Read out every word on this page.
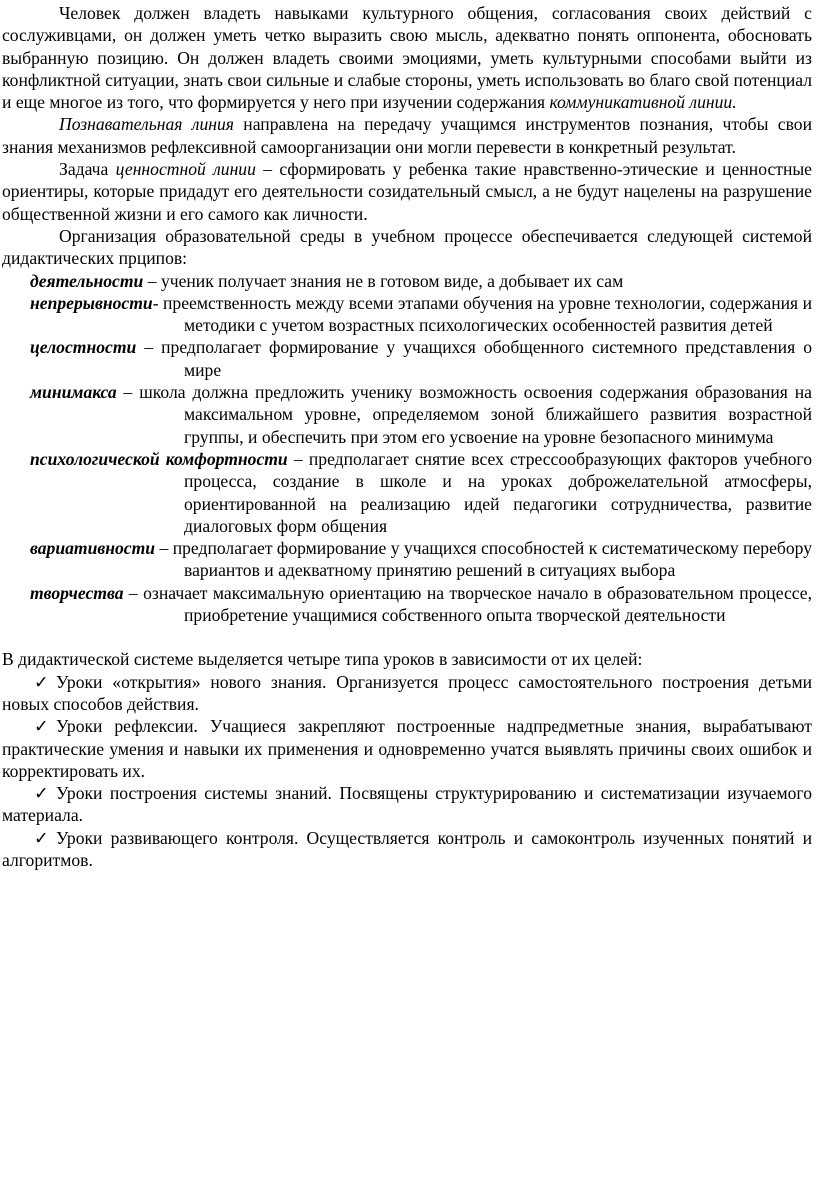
Человек должен владеть навыками культурного общения, согласования своих действий с сослуживцами, он должен уметь четко выразить свою мысль, адекватно понять оппонента, обосновать выбранную позицию. Он должен владеть своими эмоциями, уметь культурными способами выйти из конфликтной ситуации, знать свои сильные и слабые стороны, уметь использовать во благо свой потенциал и еще многое из того, что формируется у него при изучении содержания коммуникативной линии.

Познавательная линия направлена на передачу учащимся инструментов познания, чтобы свои знания механизмов рефлексивной самоорганизации они могли перевести в конкретный результат.

Задача ценностной линии – сформировать у ребенка такие нравственно-этические и ценностные ориентиры, которые придадут его деятельности созидательный смысл, а не будут нацелены на разрушение общественной жизни и его самого как личности.

Организация образовательной среды в учебном процессе обеспечивается следующей системой дидактических прципов:

деятельности – ученик получает знания не в готовом виде, а добывает их сам

непрерывности- преемственность между всеми этапами обучения на уровне технологии, содержания и методики с учетом возрастных психологических особенностей развития детей

целостности – предполагает формирование у учащихся обобщенного системного представления о мире

минимакса – школа должна предложить ученику возможность освоения содержания образования на максимальном уровне, определяемом зоной ближайшего развития возрастной группы, и обеспечить при этом его усвоение на уровне безопасного минимума

психологической комфортности – предполагает снятие всех стрессообразующих факторов учебного процесса, создание в школе и на уроках доброжелательной атмосферы, ориентированной на реализацию идей педагогики сотрудничества, развитие диалоговых форм общения

вариативности – предполагает формирование у учащихся способностей к систематическому перебору вариантов и адекватному принятию решений в ситуациях выбора

творчества – означает максимальную ориентацию на творческое начало в образовательном процессе, приобретение учащимися собственного опыта творческой деятельности

В дидактической системе выделяется четыре типа уроков в зависимости от их целей:

✓ Уроки «открытия» нового знания. Организуется процесс самостоятельного построения детьми новых способов действия.

✓ Уроки рефлексии. Учащиеся закрепляют построенные надпредметные знания, вырабатывают практические умения и навыки их применения и одновременно учатся выявлять причины своих ошибок и корректировать их.

✓ Уроки построения системы знаний. Посвящены структурированию и систематизации изучаемого материала.

✓ Уроки развивающего контроля. Осуществляется контроль и самоконтроль изученных понятий и алгоритмов.
